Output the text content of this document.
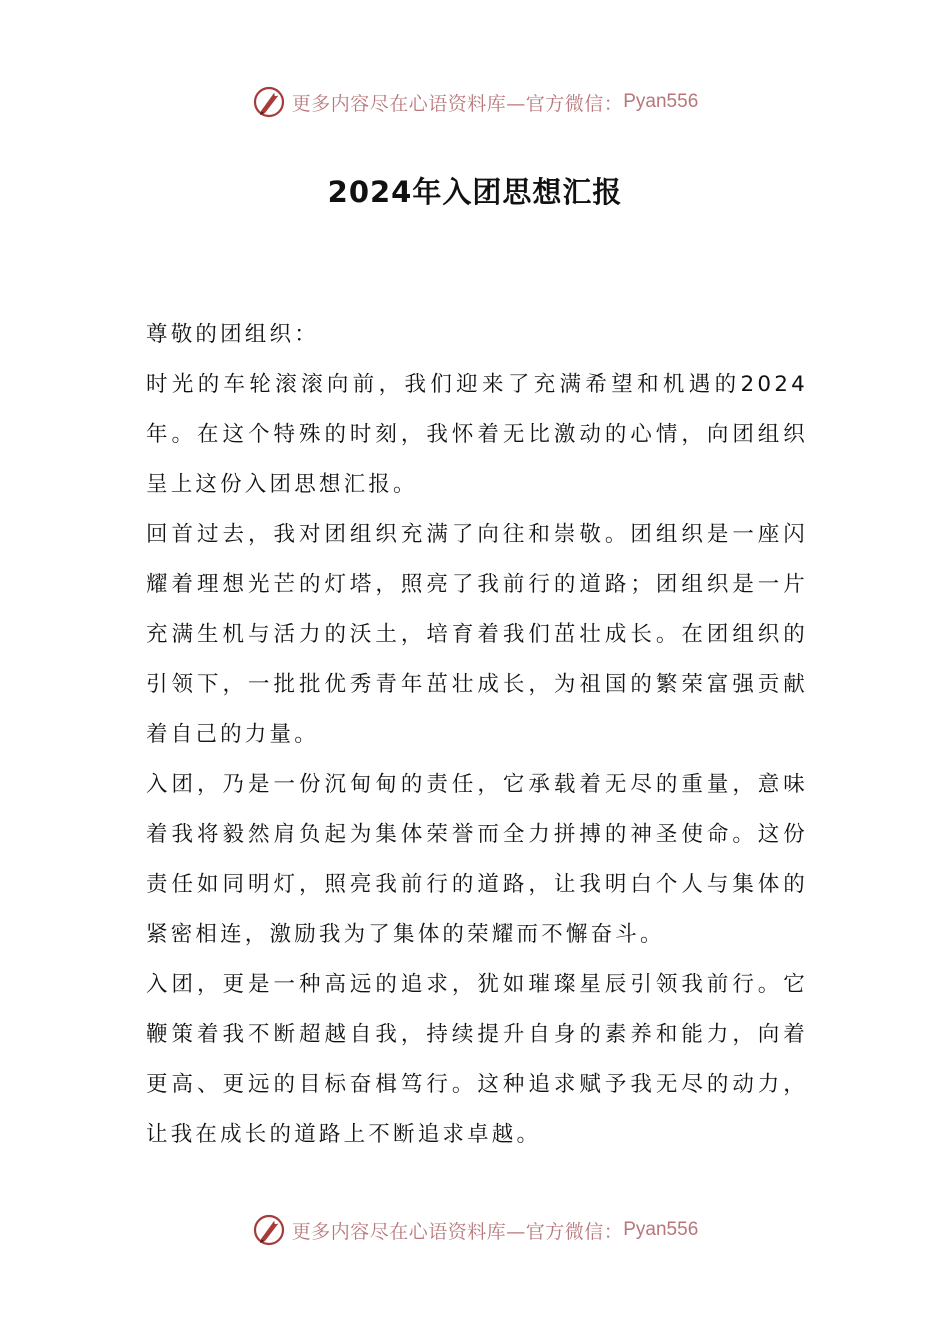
更多内容尽在心语资料库—官方微信： Pyan556
2024年入团思想汇报

尊敬的团组织：

时光的车轮滚滚向前，我们迎来了充满希望和机遇的2024年。在这个特殊的时刻，我怀着无比激动的心情，向团组织呈上这份入团思想汇报。

回首过去，我对团组织充满了向往和崇敬。团组织是一座闪耀着理想光芒的灯塔，照亮了我前行的道路；团组织是一片充满生机与活力的沃土，培育着我们茁壮成长。在团组织的引领下，一批批优秀青年茁壮成长，为祖国的繁荣富强贡献着自己的力量。

入团，乃是一份沉甸甸的责任，它承载着无尽的重量，意味着我将毅然肩负起为集体荣誉而全力拼搏的神圣使命。这份责任如同明灯，照亮我前行的道路，让我明白个人与集体的紧密相连，激励我为了集体的荣耀而不懈奋斗。

入团，更是一种高远的追求，犹如璀璨星辰引领我前行。它鞭策着我不断超越自我，持续提升自身的素养和能力，向着更高、更远的目标奋楫笃行。这种追求赋予我无尽的动力，让我在成长的道路上不断追求卓越。

更多内容尽在心语资料库—官方微信： Pyan556
